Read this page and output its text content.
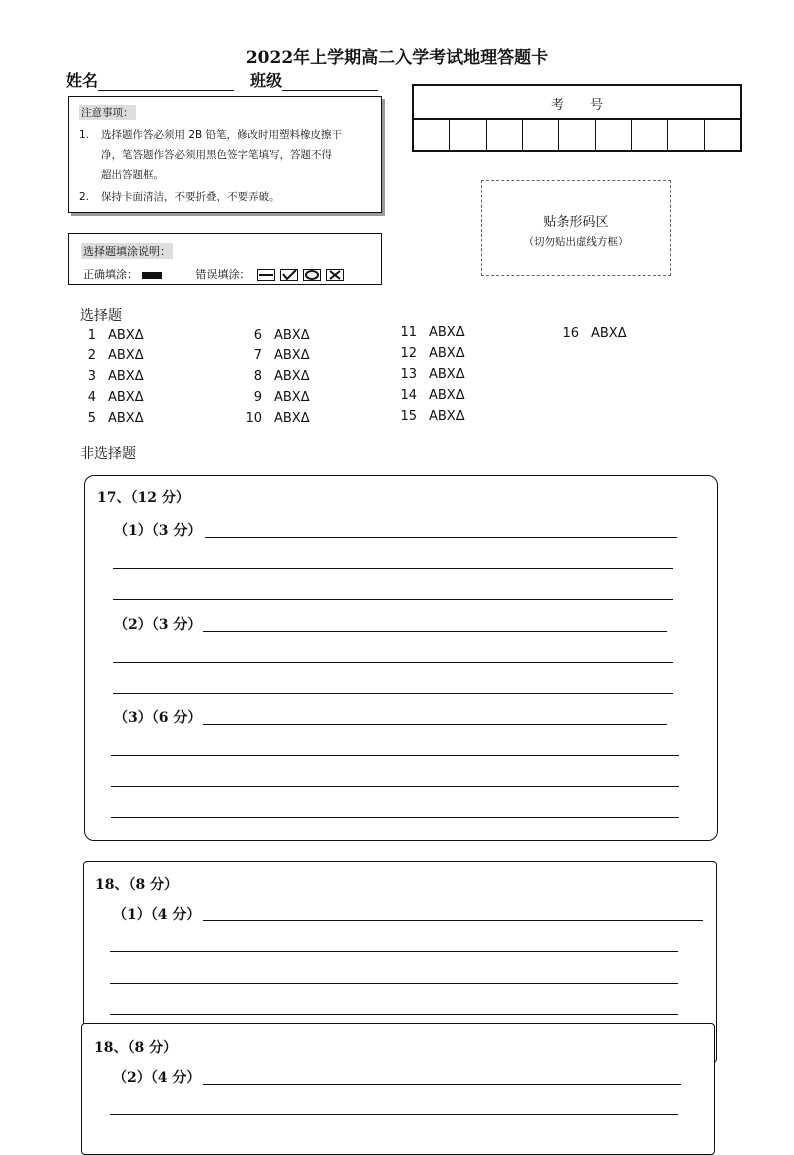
2022年上学期高二入学考试地理答题卡
姓名	班级
注意事项：
1. 选择题作答必须用 2B 铅笔，修改时用塑料橡皮擦干
净，笔答题作答必须用黑色签字笔填写，答题不得
超出答题框。
2. 保持卡面清洁，不要折叠，不要弄破。
选择题填涂说明：
正确填涂：	错误填涂：
考　　号
贴条形码区
（切勿贴出虚线方框）
选择题
1 ABXΔ
2 ABXΔ
3 ABXΔ
4 ABXΔ
5 ABXΔ
6 ABXΔ
7 ABXΔ
8 ABXΔ
9 ABXΔ
10 ABXΔ
11 ABXΔ
12 ABXΔ
13 ABXΔ
14 ABXΔ
15 ABXΔ
16 ABXΔ
非选择题
17、（12 分）
（1）（3 分）
（2）（3 分）
（3）（6 分）
18、（8 分）
（1）（4 分）
18、（8 分）
（2）（4 分）
